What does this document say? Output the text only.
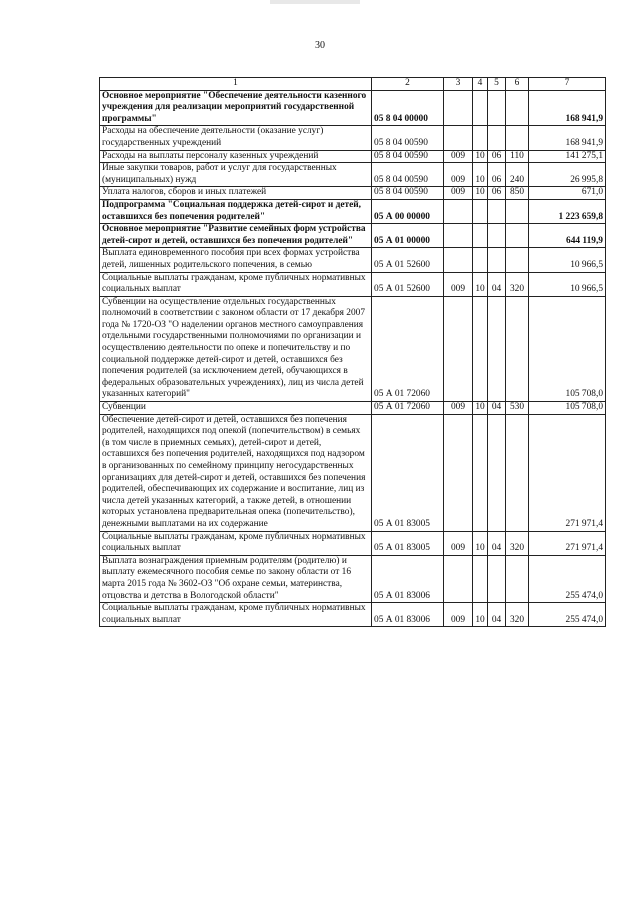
30
1	2	3	4	5	6	7
Основное мероприятие "Обеспечение деятельности казенного учреждения для реализации мероприятий государственной программы"	05 8 04 00000					168 941,9
Расходы на обеспечение деятельности (оказание услуг) государственных учреждений	05 8 04 00590					168 941,9
Расходы на выплаты персоналу казенных учреждений	05 8 04 00590	009	10	06	110	141 275,1
Иные закупки товаров, работ и услуг для государственных (муниципальных) нужд	05 8 04 00590	009	10	06	240	26 995,8
Уплата налогов, сборов и иных платежей	05 8 04 00590	009	10	06	850	671,0
Подпрограмма "Социальная поддержка детей-сирот и детей, оставшихся без попечения родителей"	05 А 00 00000					1 223 659,8
Основное мероприятие "Развитие семейных форм устройства детей-сирот и детей, оставшихся без попечения родителей"	05 А 01 00000					644 119,9
Выплата единовременного пособия при всех формах устройства детей, лишенных родительского попечения, в семью	05 А 01 52600					10 966,5
Социальные выплаты гражданам, кроме публичных нормативных социальных выплат	05 А 01 52600	009	10	04	320	10 966,5
Субвенции на осуществление отдельных государственных полномочий в соответствии с законом области от 17 декабря 2007 года № 1720-ОЗ "О наделении органов местного самоуправления отдельными государственными полномочиями по организации и осуществлению деятельности по опеке и попечительству и по социальной поддержке детей-сирот и детей, оставшихся без попечения родителей (за исключением детей, обучающихся в федеральных образовательных учреждениях), лиц из числа детей указанных категорий"	05 А 01 72060					105 708,0
Субвенции	05 А 01 72060	009	10	04	530	105 708,0
Обеспечение детей-сирот и детей, оставшихся без попечения родителей, находящихся под опекой (попечительством) в семьях (в том числе в приемных семьях), детей-сирот и детей, оставшихся без попечения родителей, находящихся под надзором в организованных по семейному принципу негосударственных организациях для детей-сирот и детей, оставшихся без попечения родителей, обеспечивающих их содержание и воспитание, лиц из числа детей указанных категорий, а также детей, в отношении которых установлена предварительная опека (попечительство), денежными выплатами на их содержание	05 А 01 83005					271 971,4
Социальные выплаты гражданам, кроме публичных нормативных социальных выплат	05 А 01 83005	009	10	04	320	271 971,4
Выплата вознаграждения приемным родителям (родителю) и выплату ежемесячного пособия семье по закону области от 16 марта 2015 года № 3602-ОЗ "Об охране семьи, материнства, отцовства и детства в Вологодской области"	05 А 01 83006					255 474,0
Социальные выплаты гражданам, кроме публичных нормативных социальных выплат	05 А 01 83006	009	10	04	320	255 474,0
